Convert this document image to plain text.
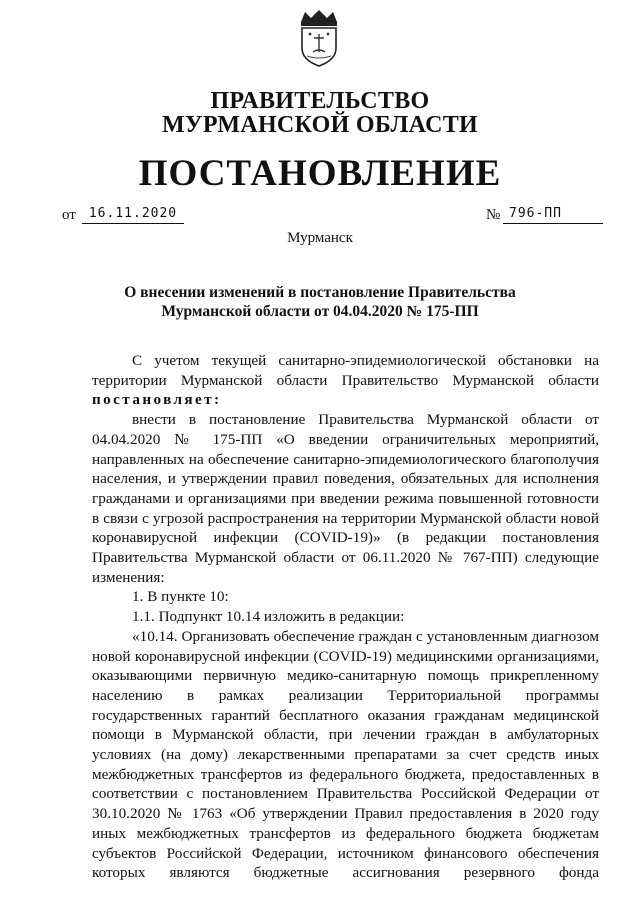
ПРАВИТЕЛЬСТВО
МУРМАНСКОЙ ОБЛАСТИ
ПОСТАНОВЛЕНИЕ
от	16.11.2020	№ 796-ПП
Мурманск
О внесении изменений в постановление Правительства
Мурманской области от 04.04.2020 № 175-ПП

С учетом текущей санитарно-эпидемиологической обстановки на территории Мурманской области Правительство Мурманской области постановляет:

внести в постановление Правительства Мурманской области от 04.04.2020 № 175-ПП «О введении ограничительных мероприятий, направленных на обеспечение санитарно-эпидемиологического благополучия населения, и утверждении правил поведения, обязательных для исполнения гражданами и организациями при введении режима повышенной готовности в связи с угрозой распространения на территории Мурманской области новой коронавирусной инфекции (COVID-19)» (в редакции постановления Правительства Мурманской области от 06.11.2020 № 767-ПП) следующие изменения:

1. В пункте 10:

1.1. Подпункт 10.14 изложить в редакции:

«10.14. Организовать обеспечение граждан с установленным диагнозом новой коронавирусной инфекции (COVID-19) медицинскими организациями, оказывающими первичную медико-санитарную помощь прикрепленному населению в рамках реализации Территориальной программы государственных гарантий бесплатного оказания гражданам медицинской помощи в Мурманской области, при лечении граждан в амбулаторных условиях (на дому) лекарственными препаратами за счет средств иных межбюджетных трансфертов из федерального бюджета, предоставленных в соответствии с постановлением Правительства Российской Федерации от 30.10.2020 № 1763 «Об утверждении Правил предоставления в 2020 году иных межбюджетных трансфертов из федерального бюджета бюджетам субъектов Российской Федерации, источником финансового обеспечения которых являются бюджетные ассигнования резервного фонда
